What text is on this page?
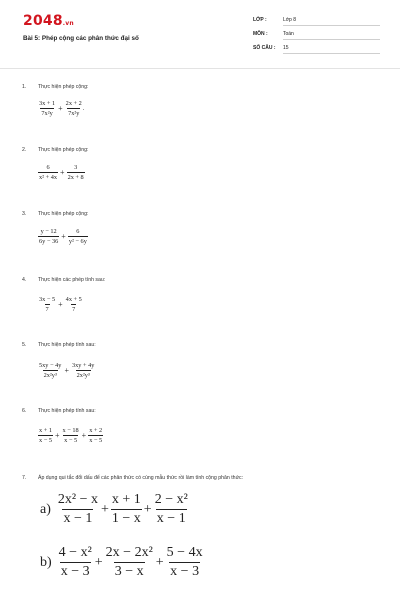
2048.vn
Bài 5: Phép cộng các phân thức đại số
LỚP :	Lớp 8
MÔN :	Toán
SỐ CÂU :	15
1. Thực hiện phép cộng:
$\frac{3x + 1}{\text{7x²y}} + \frac{2x + 2}{\text{7x²y}}$ .
2. Thực hiện phép cộng:
$\frac{6}{\text{x² + 4x}} + \frac{3}{2x + 8}$
3. Thực hiện phép cộng:
$\frac{y - 12}{6y - 36} + \frac{6}{\text{y² − 6y}}$
4. Thực hiện các phép tính sau:
$\frac{3x - 5}{7} + \frac{4x + 5}{7}$
5. Thực hiện phép tính sau:
$\frac{5xy - 4y}{\text{2x²y³}} + \frac{3xy + 4y}{\text{2x²y³}}$
6. Thực hiện phép tính sau:
$\frac{x + 1}{x - 5} + \frac{x - 18}{x - 5} + \frac{x + 2}{x - 5}$
7. Áp dụng qui tắc đổi dấu để các phân thức có cùng mẫu thức rồi làm tính cộng phân thức:
$a) \frac{\text{2x² − x}}{x - 1} + \frac{x + 1}{1 - x} + \frac{\text{2 − x²}}{x - 1}$
$b) \frac{\text{4 − x²}}{x - 3} + \frac{\text{2x − 2x²}}{3 - x} + \frac{5 - 4x}{x - 3}$
